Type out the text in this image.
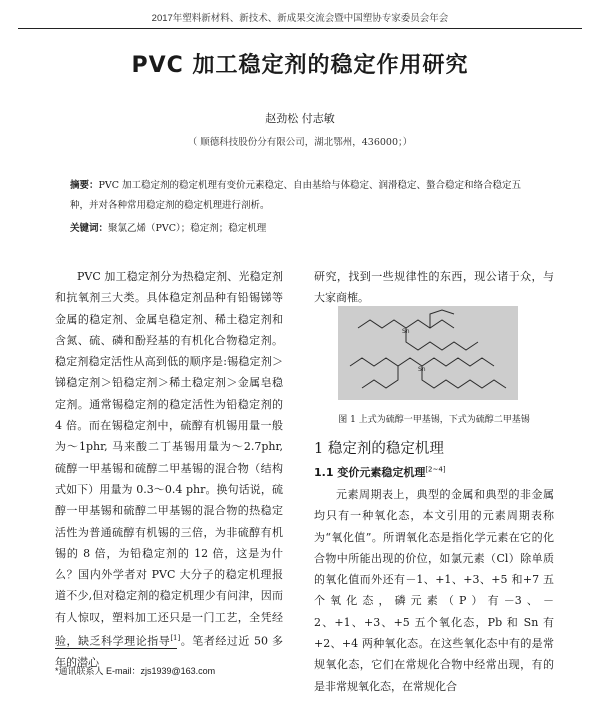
2017年塑料新材料、新技术、新成果交流会暨中国塑协专家委员会年会
PVC 加工稳定剂的稳定作用研究
赵劲松 付志敏
（ 顺德科技股份分有限公司，湖北鄂州，436000；）
摘要：PVC 加工稳定剂的稳定机理有变价元素稳定、自由基给与体稳定、润滑稳定、螯合稳定和络合稳定五种，并对各种常用稳定剂的稳定机理进行剖析。
关键词：聚氯乙烯（PVC）；稳定剂；稳定机理

PVC 加工稳定剂分为热稳定剂、光稳定剂和抗氧剂三大类。具体稳定剂品种有铅锡锑等金属的稳定剂、金属皂稳定剂、稀土稳定剂和含氮、硫、磷和酚羟基的有机化合物稳定剂。稳定剂稳定活性从高到低的顺序是:锡稳定剂＞锑稳定剂＞铅稳定剂＞稀土稳定剂＞金属皂稳定剂。通常锡稳定剂的稳定活性为铅稳定剂的 4 倍。而在锡稳定剂中，硫醇有机锡用量一般为～1phr, 马来酸二丁基锡用量为～2.7phr, 硫醇一甲基锡和硫醇二甲基锡的混合物（结构式如下）用量为 0.3～0.4 phr。换句话说，硫醇一甲基锡和硫醇二甲基锡的混合物的热稳定活性为普通硫醇有机锡的三倍，为非硫醇有机锡的 8 倍，为铅稳定剂的 12 倍，这是为什么？国内外学者对 PVC 大分子的稳定机理报道不少,但对稳定剂的稳定机理少有问津，因而有人惊叹，塑料加工还只是一门工艺，全凭经验，缺乏科学理论指导[1]。笔者经过近 50 多年的潜心

研究，找到一些规律性的东西，现公诸于众，与大家商榷。

Sn
Sn
图 1 上式为硫醇一甲基锡，下式为硫醇二甲基锡
1 稳定剂的稳定机理
1.1 变价元素稳定机理[2~4]

元素周期表上，典型的金属和典型的非金属均只有一种氧化态，本文引用的元素周期表称为“氧化值”。所谓氧化态是指化学元素在它的化合物中所能出现的价位，如氯元素（Cl）除单质的氧化值而外还有－1、+1、+3、+5 和+7 五个氧化态，磷元素（P）有－3、－2、+1、+3、+5 五个氧化态，Pb 和 Sn 有+2、+4 两种氧化态。在这些氧化态中有的是常规氧化态，它们在常规化合物中经常出现，有的是非常规氧化态，在常规化合

*通讯联系人 E-mail：zjs1939@163.com
